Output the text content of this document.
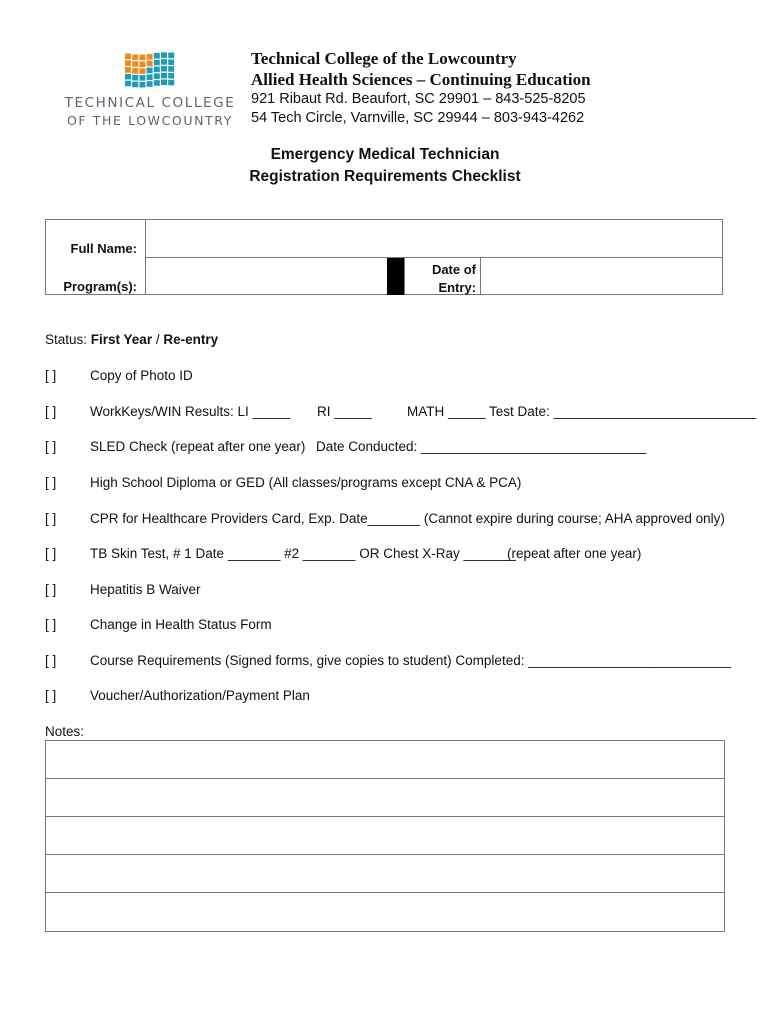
TECHNICAL COLLEGE
OF THE LOWCOUNTRY
Technical College of the Lowcountry
Allied Health Sciences – Continuing Education
921 Ribaut Rd. Beaufort, SC 29901 – 843-525-8205
54 Tech Circle, Varnville, SC 29944 – 803-943-4262
Emergency Medical Technician
Registration Requirements Checklist
Full Name:
Program(s):
Date of
Entry:
Status: First Year / Re-entry
[ ] Copy of Photo ID
[ ] WorkKeys/WIN Results: LI _____ RI _____	MATH _____ Test Date: ___________________________
[ ] SLED Check (repeat after one year) Date Conducted: ______________________________
[ ] High School Diploma or GED (All classes/programs except CNA & PCA)
[ ] CPR for Healthcare Providers Card, Exp. Date_______ (Cannot expire during course; AHA approved only)
[ ] TB Skin Test, # 1 Date _______ #2 _______ OR Chest X-Ray _______
(repeat after one year)
[ ] Hepatitis B Waiver
[ ] Change in Health Status Form
[ ] Course Requirements (Signed forms, give copies to student) Completed: ___________________________
[ ] Voucher/Authorization/Payment Plan
Notes:
